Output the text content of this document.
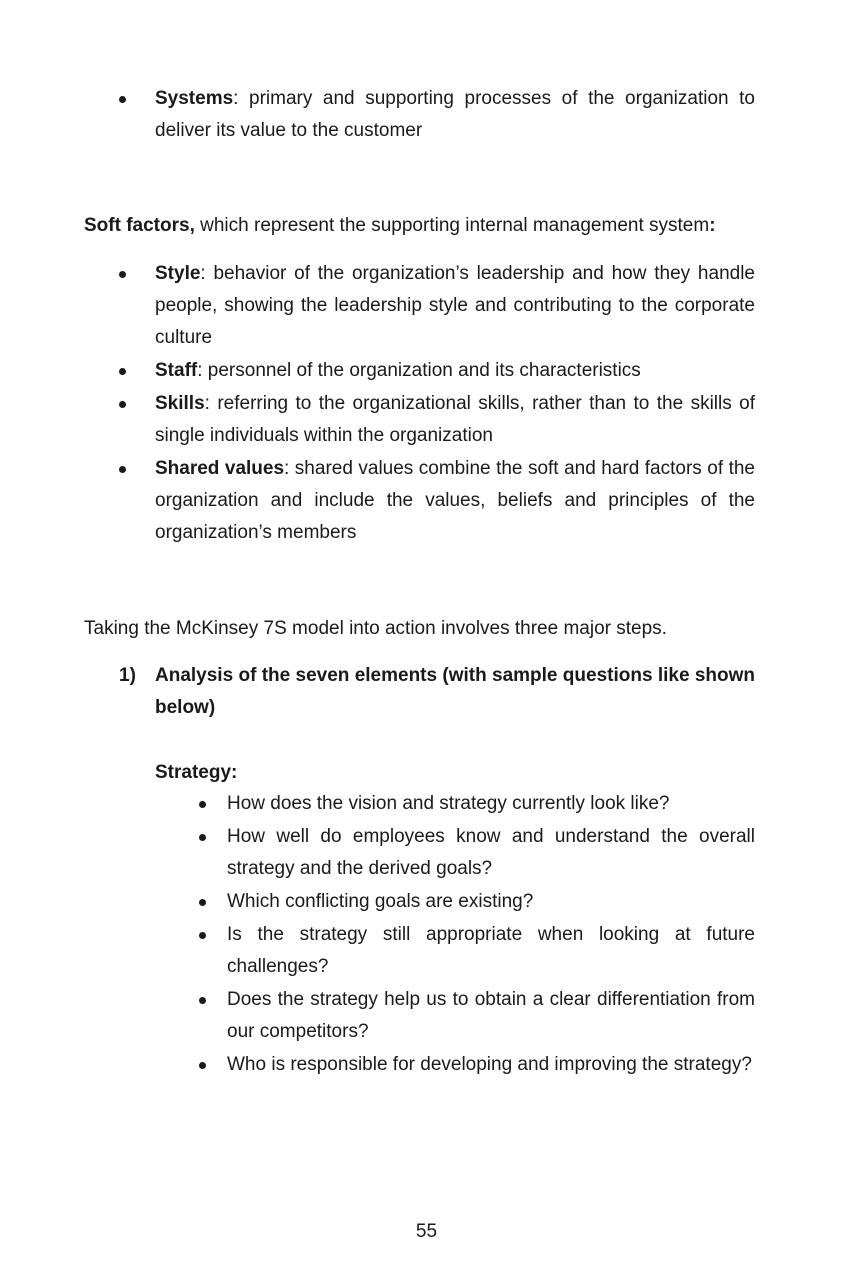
Systems: primary and supporting processes of the organization to deliver its value to the customer
Soft factors, which represent the supporting internal management system:
Style: behavior of the organization’s leadership and how they handle people, showing the leadership style and contributing to the corporate culture
Staff: personnel of the organization and its characteristics
Skills: referring to the organizational skills, rather than to the skills of single individuals within the organization
Shared values: shared values combine the soft and hard factors of the organization and include the values, beliefs and principles of the organization’s members
Taking the McKinsey 7S model into action involves three major steps.
1) Analysis of the seven elements (with sample questions like shown below)
Strategy:
How does the vision and strategy currently look like?
How well do employees know and understand the overall strategy and the derived goals?
Which conflicting goals are existing?
Is the strategy still appropriate when looking at future challenges?
Does the strategy help us to obtain a clear differentiation from our competitors?
Who is responsible for developing and improving the strategy?
55
